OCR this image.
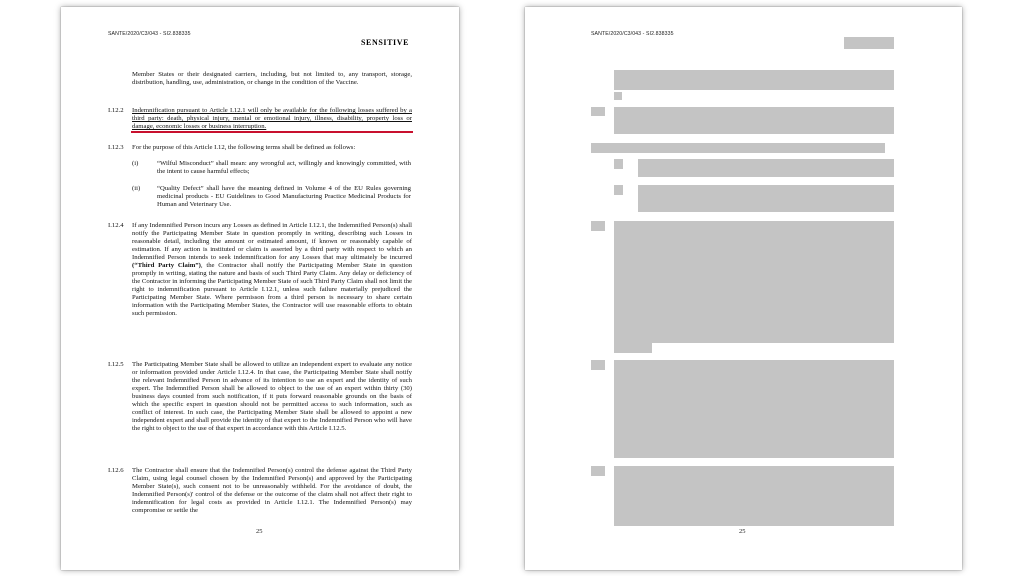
SANTE/2020/C3/043 - SI2.838335
SENSITIVE
Member States or their designated carriers, including, but not limited to, any transport, storage, distribution, handling, use, administration, or change in the condition of the Vaccine.
I.12.2 Indemnification pursuant to Article I.12.1 will only be available for the following losses suffered by a third party: death, physical injury, mental or emotional injury, illness, disability, property loss or damage, economic losses or business interruption.
I.12.3 For the purpose of this Article I.12, the following terms shall be defined as follows:
(i)	“Wilful Misconduct” shall mean: any wrongful act, willingly and knowingly committed, with the intent to cause harmful effects;
(ii)	“Quality Defect” shall have the meaning defined in Volume 4 of the EU Rules governing medicinal products - EU Guidelines to Good Manufacturing Practice Medicinal Products for Human and Veterinary Use.
I.12.4 If any Indemnified Person incurs any Losses as defined in Article I.12.1, the Indemnified Person(s) shall notify the Participating Member State in question promptly in writing, describing such Losses in reasonable detail, including the amount or estimated amount, if known or reasonably capable of estimation. If any action is instituted or claim is asserted by a third party with respect to which an Indemnified Person intends to seek indemnification for any Losses that may ultimately be incurred (“Third Party Claim”), the Contractor shall notify the Participating Member State in question promptly in writing, stating the nature and basis of such Third Party Claim. Any delay or deficiency of the Contractor in informing the Participating Member State of such Third Party Claim shall not limit the right to indemnification pursuant to Article I.12.1, unless such failure materially prejudiced the Participating Member State. Where permisson from a third person is necessary to share certain information with the Participating Member States, the Contractor will use reasonable efforts to obtain such permission.
I.12.5 The Participating Member State shall be allowed to utilize an independent expert to evaluate any notice or information provided under Article I.12.4. In that case, the Participating Member State shall notify the relevant Indemnified Person in advance of its intention to use an expert and the identity of such expert. The Indemnified Person shall be allowed to object to the use of an expert within thirty (30) business days counted from such notification, if it puts forward reasonable grounds on the basis of which the specific expert in question should not be permitted access to such information, such as conflict of interest. In such case, the Participating Member State shall be allowed to appoint a new independent expert and shall provide the identity of that expert to the Indemnified Person who will have the right to object to the use of that expert in accordance with this Article I.12.5.
I.12.6 The Contractor shall ensure that the Indemnified Person(s) control the defense against the Third Party Claim, using legal counsel chosen by the Indemnified Person(s) and approved by the Participating Member State(s), such consent not to be unreasonably withheld. For the avoidance of doubt, the Indemnified Person(s)' control of the defense or the outcome of the claim shall not affect their right to indemnification for legal costs as provided in Article I.12.1. The Indemnified Person(s) may compromise or settle the
25
SANTE/2020/C3/043 - SI2.838335
25
